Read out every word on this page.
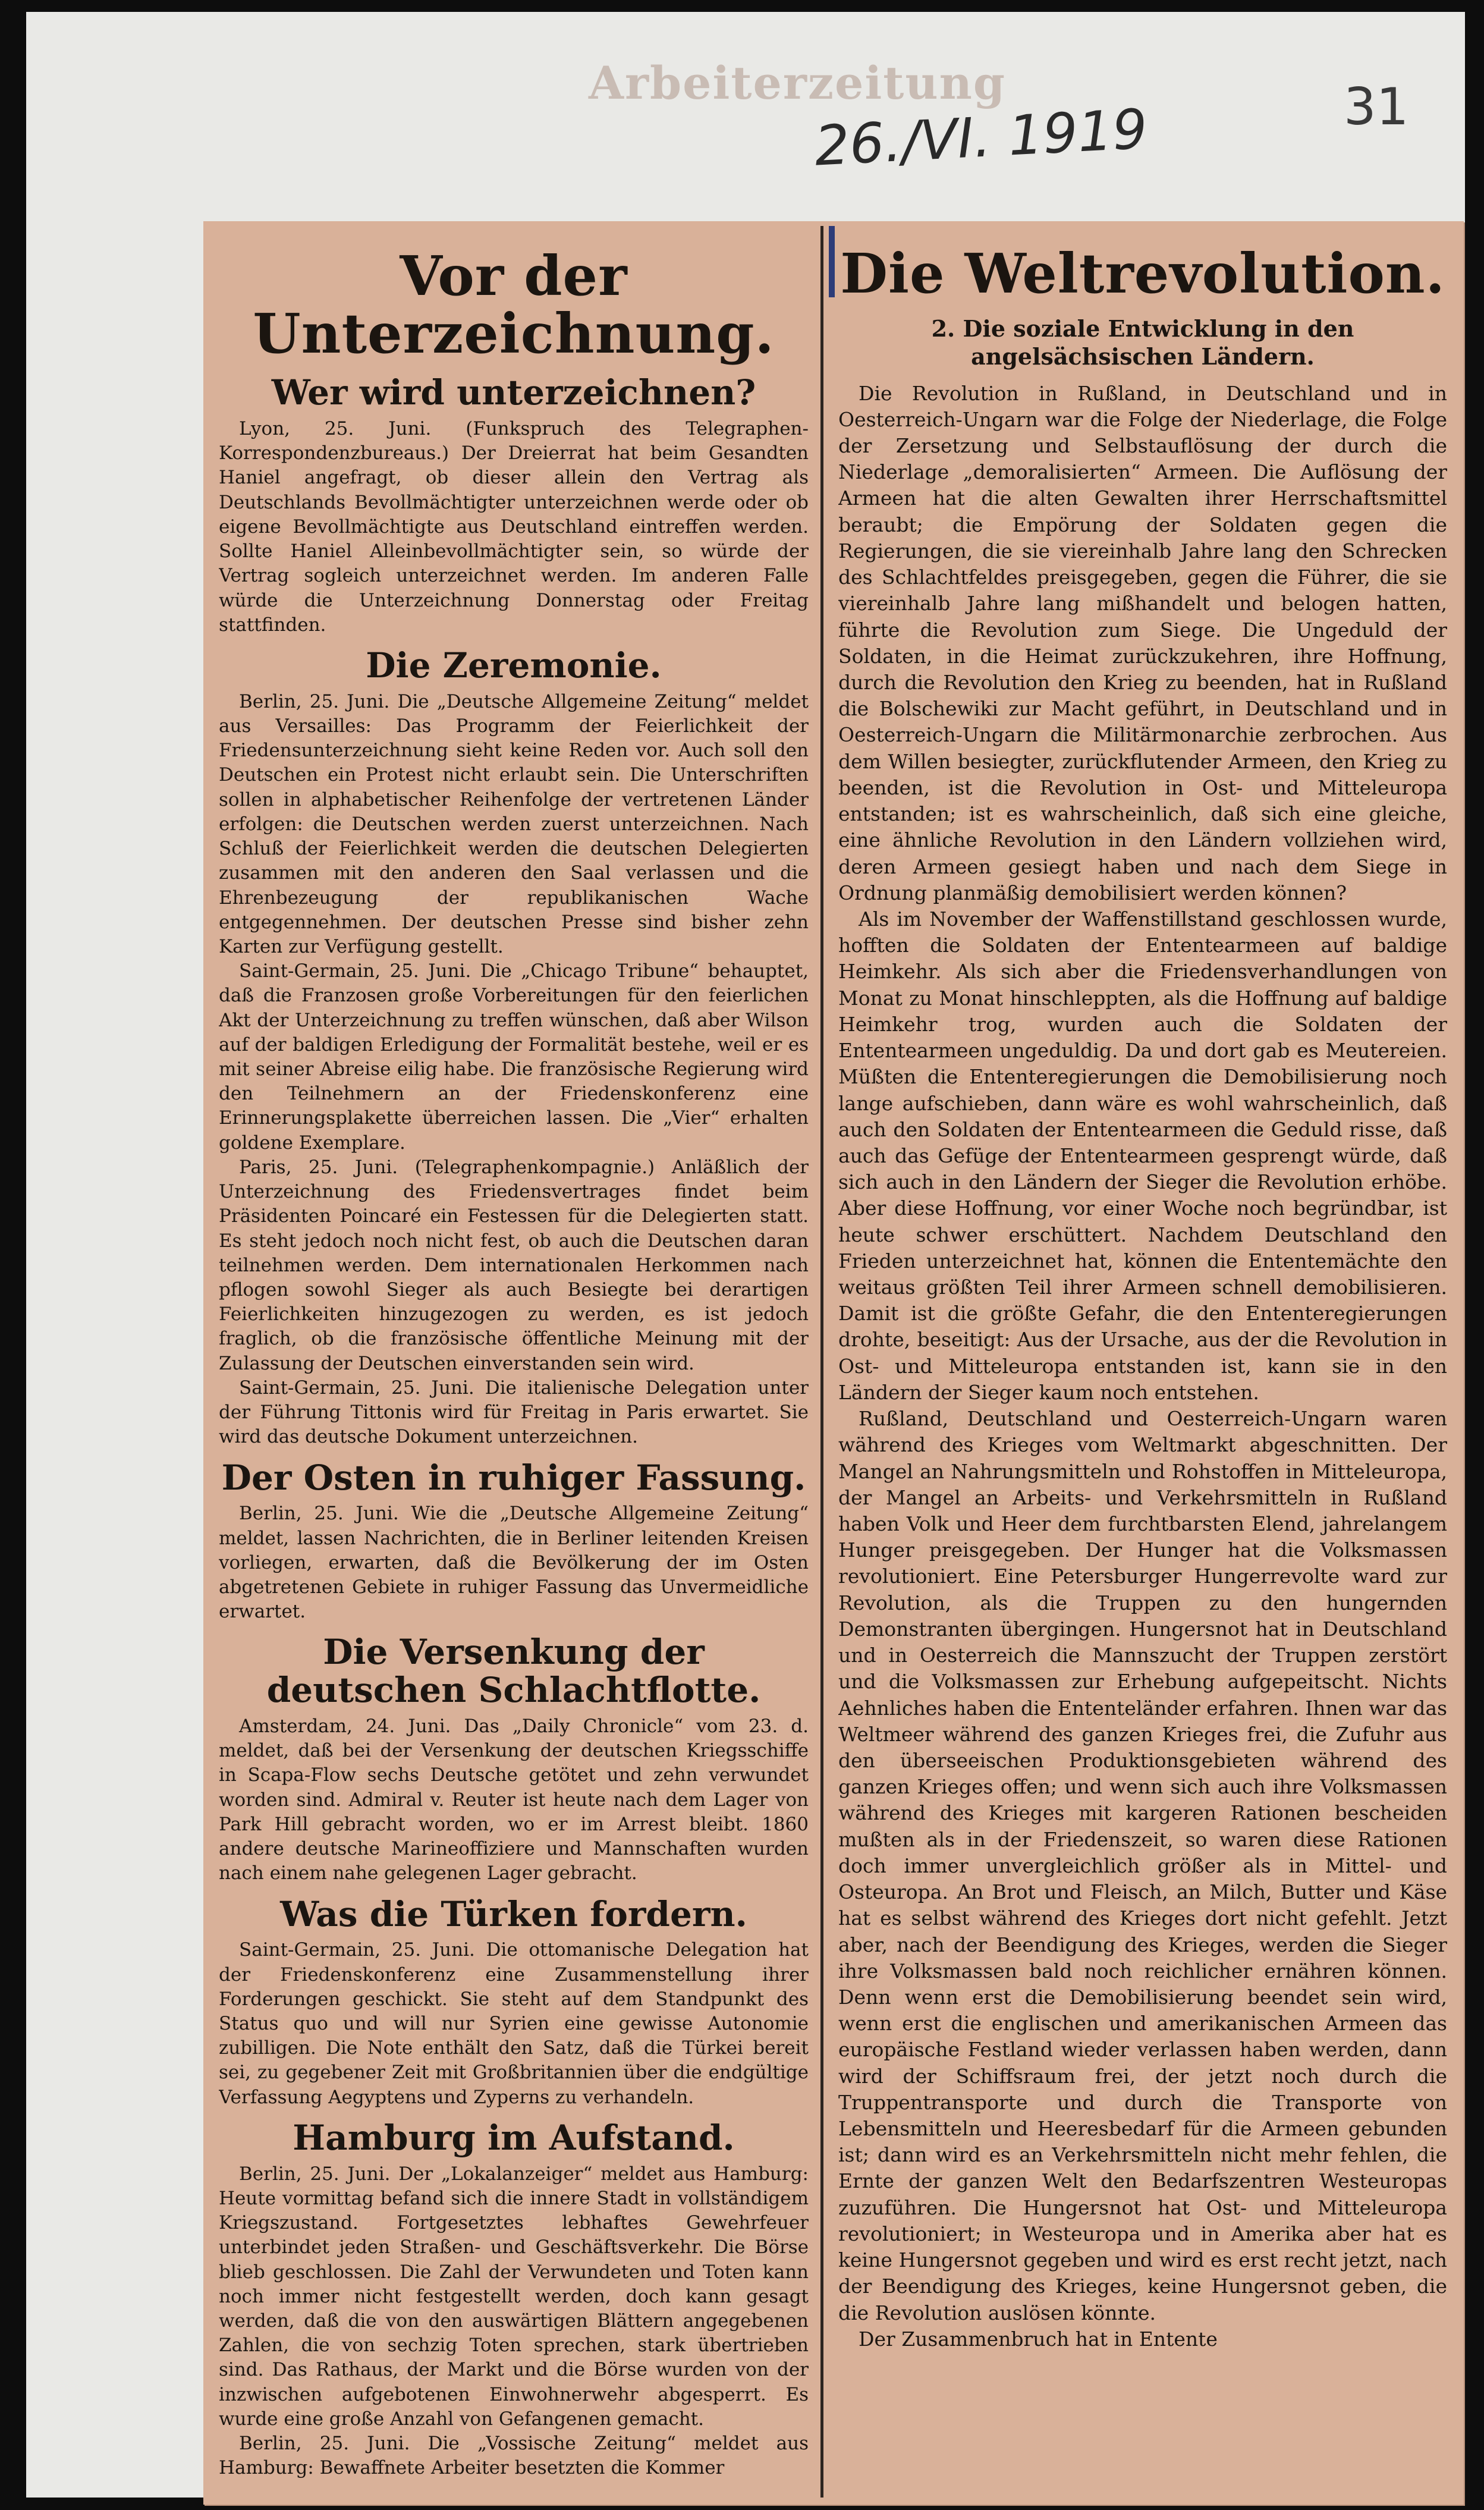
Arbeiterzeitung
26./VI. 1919	31
Vor der Unterzeichnung.
Wer wird unterzeichnen?

Lyon, 25. Juni. (Funkspruch des Telegraphen-Korrespondenzbureaus.) Der Dreierrat hat beim Gesandten Haniel angefragt, ob dieser allein den Vertrag als Deutschlands Bevollmächtigter unterzeichnen werde oder ob eigene Bevollmächtigte aus Deutschland eintreffen werden. Sollte Haniel Alleinbevollmächtigter sein, so würde der Vertrag sogleich unterzeichnet werden. Im anderen Falle würde die Unterzeichnung Donnerstag oder Freitag stattfinden.

Die Zeremonie.

Berlin, 25. Juni. Die „Deutsche Allgemeine Zeitung“ meldet aus Versailles: Das Programm der Feierlichkeit der Friedensunterzeichnung sieht keine Reden vor. Auch soll den Deutschen ein Protest nicht erlaubt sein. Die Unterschriften sollen in alphabetischer Reihenfolge der vertretenen Länder erfolgen: die Deutschen werden zuerst unterzeichnen. Nach Schluß der Feierlichkeit werden die deutschen Delegierten zusammen mit den anderen den Saal verlassen und die Ehrenbezeugung der republikanischen Wache entgegennehmen. Der deutschen Presse sind bisher zehn Karten zur Verfügung gestellt.

Saint-Germain, 25. Juni. Die „Chicago Tribune“ behauptet, daß die Franzosen große Vorbereitungen für den feierlichen Akt der Unterzeichnung zu treffen wünschen, daß aber Wilson auf der baldigen Erledigung der Formalität bestehe, weil er es mit seiner Abreise eilig habe. Die französische Regierung wird den Teilnehmern an der Friedenskonferenz eine Erinnerungsplakette überreichen lassen. Die „Vier“ erhalten goldene Exemplare.

Paris, 25. Juni. (Telegraphenkompagnie.) Anläßlich der Unterzeichnung des Friedensvertrages findet beim Präsidenten Poincaré ein Festessen für die Delegierten statt. Es steht jedoch noch nicht fest, ob auch die Deutschen daran teilnehmen werden. Dem internationalen Herkommen nach pflogen sowohl Sieger als auch Besiegte bei derartigen Feierlichkeiten hinzugezogen zu werden, es ist jedoch fraglich, ob die französische öffentliche Meinung mit der Zulassung der Deutschen einverstanden sein wird.

Saint-Germain, 25. Juni. Die italienische Delegation unter der Führung Tittonis wird für Freitag in Paris erwartet. Sie wird das deutsche Dokument unterzeichnen.

Der Osten in ruhiger Fassung.

Berlin, 25. Juni. Wie die „Deutsche Allgemeine Zeitung“ meldet, lassen Nachrichten, die in Berliner leitenden Kreisen vorliegen, erwarten, daß die Bevölkerung der im Osten abgetretenen Gebiete in ruhiger Fassung das Unvermeidliche erwartet.

Die Versenkung der deutschen Schlachtflotte.

Amsterdam, 24. Juni. Das „Daily Chronicle“ vom 23. d. meldet, daß bei der Versenkung der deutschen Kriegsschiffe in Scapa-Flow sechs Deutsche getötet und zehn verwundet worden sind. Admiral v. Reuter ist heute nach dem Lager von Park Hill gebracht worden, wo er im Arrest bleibt. 1860 andere deutsche Marineoffiziere und Mannschaften wurden nach einem nahe gelegenen Lager gebracht.

Was die Türken fordern.

Saint-Germain, 25. Juni. Die ottomanische Delegation hat der Friedenskonferenz eine Zusammenstellung ihrer Forderungen geschickt. Sie steht auf dem Standpunkt des Status quo und will nur Syrien eine gewisse Autonomie zubilligen. Die Note enthält den Satz, daß die Türkei bereit sei, zu gegebener Zeit mit Großbritannien über die endgültige Verfassung Aegyptens und Zyperns zu verhandeln.

Hamburg im Aufstand.

Berlin, 25. Juni. Der „Lokalanzeiger“ meldet aus Hamburg: Heute vormittag befand sich die innere Stadt in vollständigem Kriegszustand. Fortgesetztes lebhaftes Gewehrfeuer unterbindet jeden Straßen- und Geschäftsverkehr. Die Börse blieb geschlossen. Die Zahl der Verwundeten und Toten kann noch immer nicht festgestellt werden, doch kann gesagt werden, daß die von den auswärtigen Blättern angegebenen Zahlen, die von sechzig Toten sprechen, stark übertrieben sind. Das Rathaus, der Markt und die Börse wurden von der inzwischen aufgebotenen Einwohnerwehr abgesperrt. Es wurde eine große Anzahl von Gefangenen gemacht.

Berlin, 25. Juni. Die „Vossische Zeitung“ meldet aus Hamburg: Bewaffnete Arbeiter besetzten die Kommer

Die Weltrevolution.
2. Die soziale Entwicklung in den angelsächsischen Ländern.

Die Revolution in Rußland, in Deutschland und in Oesterreich-Ungarn war die Folge der Niederlage, die Folge der Zersetzung und Selbstauflösung der durch die Niederlage „demoralisierten“ Armeen. Die Auflösung der Armeen hat die alten Gewalten ihrer Herrschaftsmittel beraubt; die Empörung der Soldaten gegen die Regierungen, die sie viereinhalb Jahre lang den Schrecken des Schlachtfeldes preisgegeben, gegen die Führer, die sie viereinhalb Jahre lang mißhandelt und belogen hatten, führte die Revolution zum Siege. Die Ungeduld der Soldaten, in die Heimat zurückzukehren, ihre Hoffnung, durch die Revolution den Krieg zu beenden, hat in Rußland die Bolschewiki zur Macht geführt, in Deutschland und in Oesterreich-Ungarn die Militärmonarchie zerbrochen. Aus dem Willen besiegter, zurückflutender Armeen, den Krieg zu beenden, ist die Revolution in Ost- und Mitteleuropa entstanden; ist es wahrscheinlich, daß sich eine gleiche, eine ähnliche Revolution in den Ländern vollziehen wird, deren Armeen gesiegt haben und nach dem Siege in Ordnung planmäßig demobilisiert werden können?

Als im November der Waffenstillstand geschlossen wurde, hofften die Soldaten der Ententearmeen auf baldige Heimkehr. Als sich aber die Friedensverhandlungen von Monat zu Monat hinschleppten, als die Hoffnung auf baldige Heimkehr trog, wurden auch die Soldaten der Ententearmeen ungeduldig. Da und dort gab es Meutereien. Müßten die Ententeregierungen die Demobilisierung noch lange aufschieben, dann wäre es wohl wahrscheinlich, daß auch den Soldaten der Ententearmeen die Geduld risse, daß auch das Gefüge der Ententearmeen gesprengt würde, daß sich auch in den Ländern der Sieger die Revolution erhöbe. Aber diese Hoffnung, vor einer Woche noch begründbar, ist heute schwer erschüttert. Nachdem Deutschland den Frieden unterzeichnet hat, können die Ententemächte den weitaus größten Teil ihrer Armeen schnell demobilisieren. Damit ist die größte Gefahr, die den Ententeregierungen drohte, beseitigt: Aus der Ursache, aus der die Revolution in Ost- und Mitteleuropa entstanden ist, kann sie in den Ländern der Sieger kaum noch entstehen.

Rußland, Deutschland und Oesterreich-Ungarn waren während des Krieges vom Weltmarkt abgeschnitten. Der Mangel an Nahrungsmitteln und Rohstoffen in Mitteleuropa, der Mangel an Arbeits- und Verkehrsmitteln in Rußland haben Volk und Heer dem furchtbarsten Elend, jahrelangem Hunger preisgegeben. Der Hunger hat die Volksmassen revolutioniert. Eine Petersburger Hungerrevolte ward zur Revolution, als die Truppen zu den hungernden Demonstranten übergingen. Hungersnot hat in Deutschland und in Oesterreich die Mannszucht der Truppen zerstört und die Volksmassen zur Erhebung aufgepeitscht. Nichts Aehnliches haben die Ententeländer erfahren. Ihnen war das Weltmeer während des ganzen Krieges frei, die Zufuhr aus den überseeischen Produktionsgebieten während des ganzen Krieges offen; und wenn sich auch ihre Volksmassen während des Krieges mit kargeren Rationen bescheiden mußten als in der Friedenszeit, so waren diese Rationen doch immer unvergleichlich größer als in Mittel- und Osteuropa. An Brot und Fleisch, an Milch, Butter und Käse hat es selbst während des Krieges dort nicht gefehlt. Jetzt aber, nach der Beendigung des Krieges, werden die Sieger ihre Volksmassen bald noch reichlicher ernähren können. Denn wenn erst die Demobilisierung beendet sein wird, wenn erst die englischen und amerikanischen Armeen das europäische Festland wieder verlassen haben werden, dann wird der Schiffsraum frei, der jetzt noch durch die Truppentransporte und durch die Transporte von Lebensmitteln und Heeresbedarf für die Armeen gebunden ist; dann wird es an Verkehrsmitteln nicht mehr fehlen, die Ernte der ganzen Welt den Bedarfszentren Westeuropas zuzuführen. Die Hungersnot hat Ost- und Mitteleuropa revolutioniert; in Westeuropa und in Amerika aber hat es keine Hungersnot gegeben und wird es erst recht jetzt, nach der Beendigung des Krieges, keine Hungersnot geben, die die Revolution auslösen könnte.

Der Zusammenbruch hat in Entente
